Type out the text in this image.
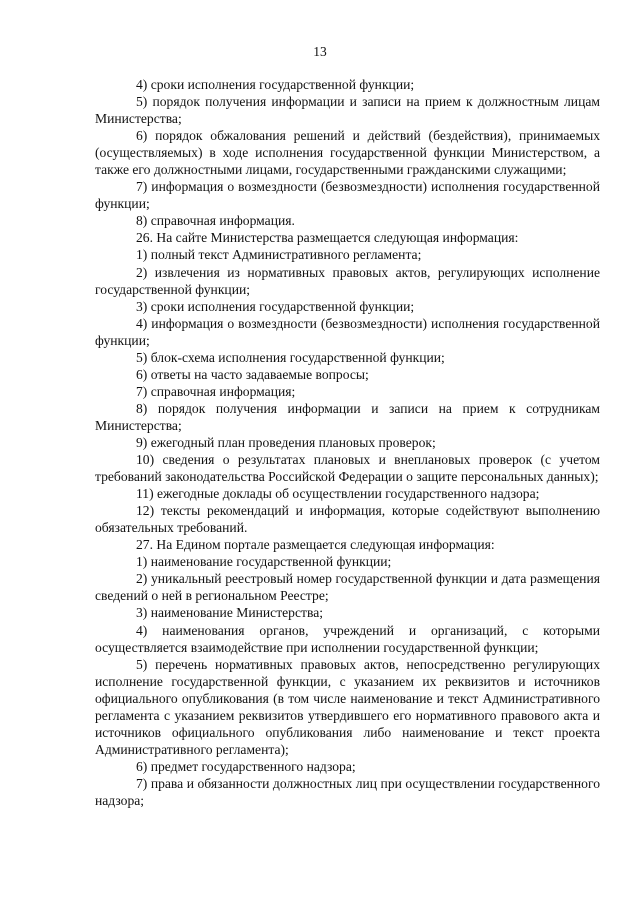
13

4) сроки исполнения государственной функции;

5) порядок получения информации и записи на прием к должностным лицам Министерства;

6) порядок обжалования решений и действий (бездействия), принимаемых (осуществляемых) в ходе исполнения государственной функции Министерством, а также его должностными лицами, государственными гражданскими служащими;

7) информация о возмездности (безвозмездности) исполнения государственной функции;

8) справочная информация.

26. На сайте Министерства размещается следующая информация:

1) полный текст Административного регламента;

2) извлечения из нормативных правовых актов, регулирующих исполнение государственной функции;

3) сроки исполнения государственной функции;

4) информация о возмездности (безвозмездности) исполнения государственной функции;

5) блок-схема исполнения государственной функции;

6) ответы на часто задаваемые вопросы;

7) справочная информация;

8) порядок получения информации и записи на прием к сотрудникам Министерства;

9) ежегодный план проведения плановых проверок;

10) сведения о результатах плановых и внеплановых проверок (с учетом требований законодательства Российской Федерации о защите персональных данных);

11) ежегодные доклады об осуществлении государственного надзора;

12) тексты рекомендаций и информация, которые содействуют выполнению обязательных требований.

27. На Едином портале размещается следующая информация:

1) наименование государственной функции;

2) уникальный реестровый номер государственной функции и дата размещения сведений о ней в региональном Реестре;

3) наименование Министерства;

4) наименования органов, учреждений и организаций, с которыми осуществляется взаимодействие при исполнении государственной функции;

5) перечень нормативных правовых актов, непосредственно регулирующих исполнение государственной функции, с указанием их реквизитов и источников официального опубликования (в том числе наименование и текст Административного регламента с указанием реквизитов утвердившего его нормативного правового акта и источников официального опубликования либо наименование и текст проекта Административного регламента);

6) предмет государственного надзора;

7) права и обязанности должностных лиц при осуществлении государственного надзора;
